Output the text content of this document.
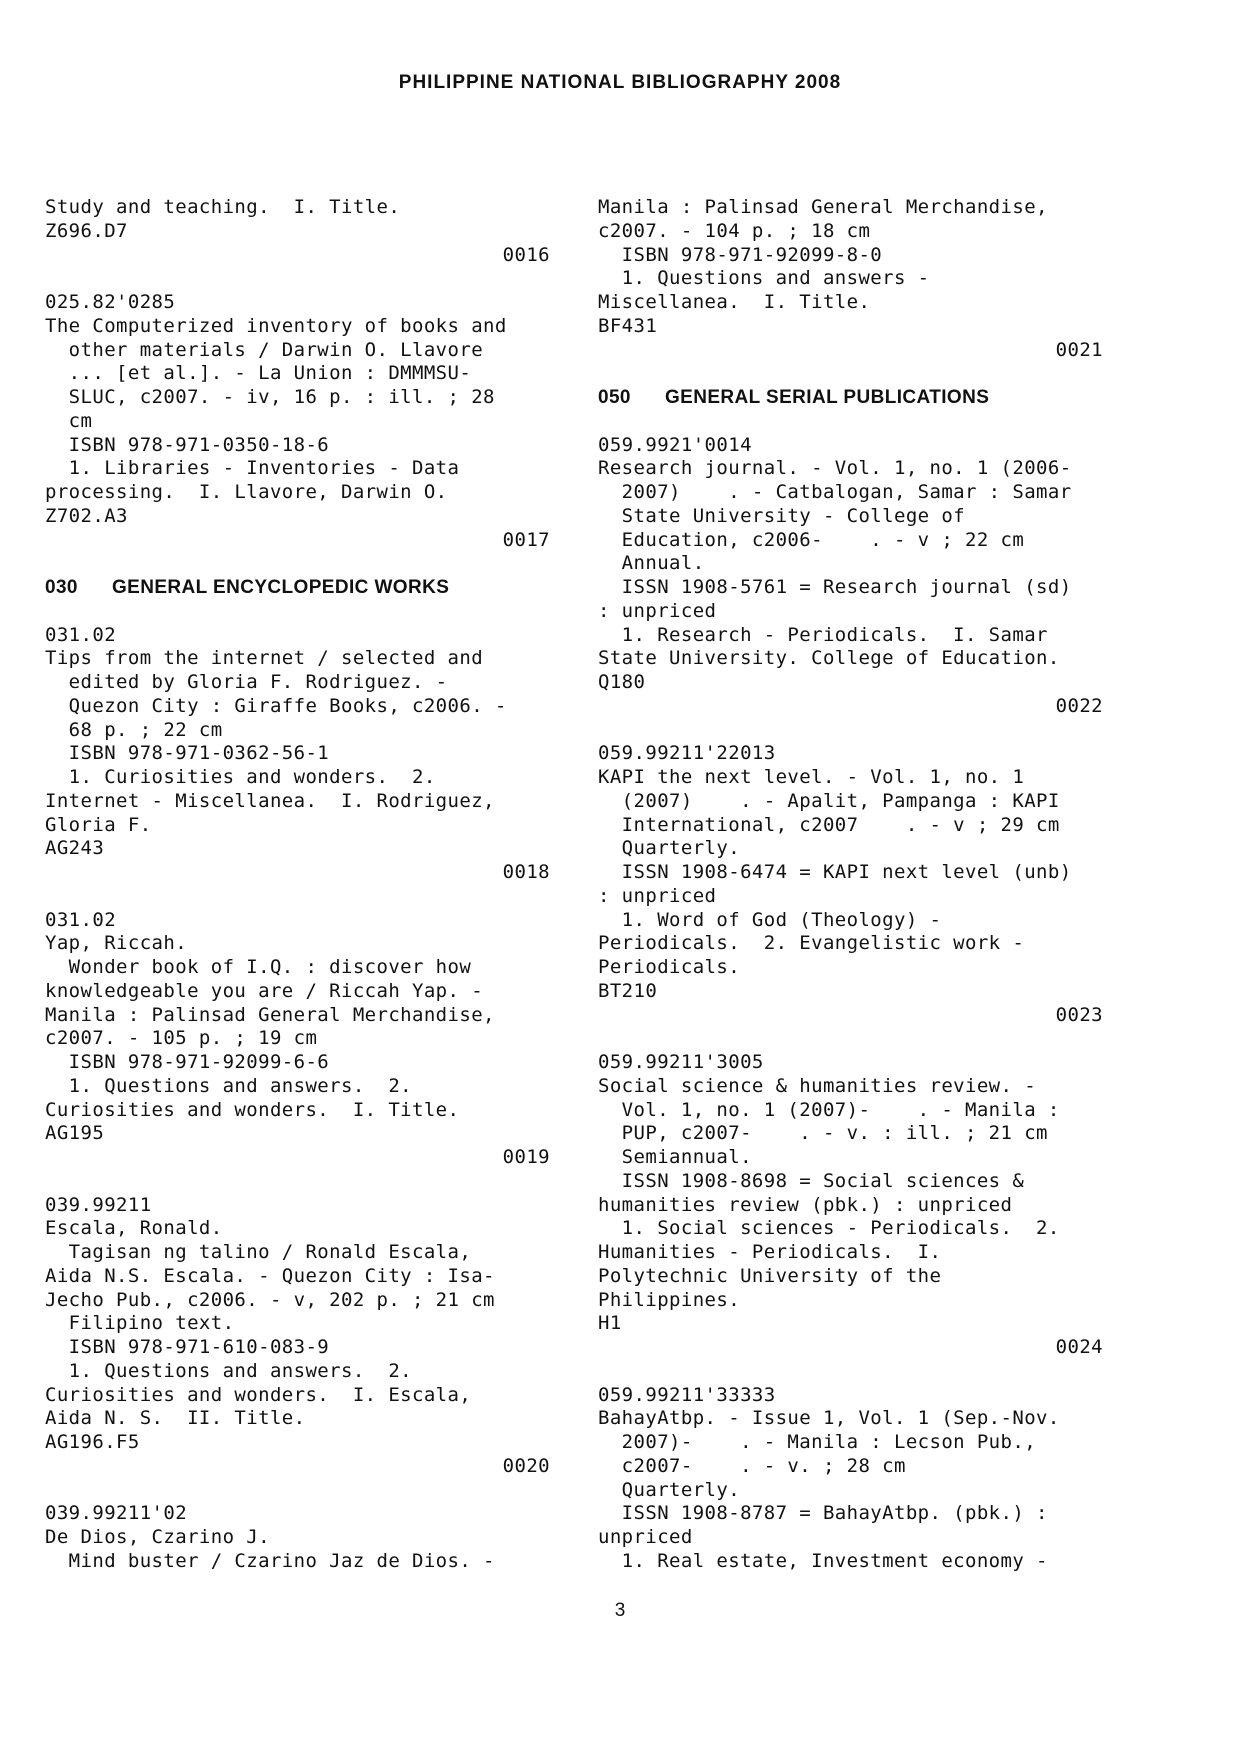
PHILIPPINE NATIONAL BIBLIOGRAPHY 2008
Study and teaching.  I. Title.
Z696.D7
0016
025.82'0285
The Computerized inventory of books and
other materials / Darwin O. Llavore
... [et al.]. - La Union : DMMMSU-
SLUC, c2007. - iv, 16 p. : ill. ; 28
cm
ISBN 978-971-0350-18-6
1. Libraries - Inventories - Data
processing.  I. Llavore, Darwin O.
Z702.A3
0017
030      GENERAL ENCYCLOPEDIC WORKS
031.02
Tips from the internet / selected and
edited by Gloria F. Rodriguez. -
Quezon City : Giraffe Books, c2006. -
68 p. ; 22 cm
ISBN 978-971-0362-56-1
1. Curiosities and wonders.  2.
Internet - Miscellanea.  I. Rodriguez,
Gloria F.
AG243
0018
031.02
Yap, Riccah.
Wonder book of I.Q. : discover how
knowledgeable you are / Riccah Yap. -
Manila : Palinsad General Merchandise,
c2007. - 105 p. ; 19 cm
ISBN 978-971-92099-6-6
1. Questions and answers.  2.
Curiosities and wonders.  I. Title.
AG195
0019
039.99211
Escala, Ronald.
Tagisan ng talino / Ronald Escala,
Aida N.S. Escala. - Quezon City : Isa-
Jecho Pub., c2006. - v, 202 p. ; 21 cm
Filipino text.
ISBN 978-971-610-083-9
1. Questions and answers.  2.
Curiosities and wonders.  I. Escala,
Aida N. S.  II. Title.
AG196.F5
0020
039.99211'02
De Dios, Czarino J.
Mind buster / Czarino Jaz de Dios. -
Manila : Palinsad General Merchandise,
c2007. - 104 p. ; 18 cm
ISBN 978-971-92099-8-0
1. Questions and answers -
Miscellanea.  I. Title.
BF431
0021
050      GENERAL SERIAL PUBLICATIONS
059.9921'0014
Research journal. - Vol. 1, no. 1 (2006-
2007)    . - Catbalogan, Samar : Samar
State University - College of
Education, c2006-    . - v ; 22 cm
Annual.
ISSN 1908-5761 = Research journal (sd)
: unpriced
1. Research - Periodicals.  I. Samar
State University. College of Education.
Q180
0022
059.99211'22013
KAPI the next level. - Vol. 1, no. 1
(2007)    . - Apalit, Pampanga : KAPI
International, c2007    . - v ; 29 cm
Quarterly.
ISSN 1908-6474 = KAPI next level (unb)
: unpriced
1. Word of God (Theology) -
Periodicals.  2. Evangelistic work -
Periodicals.
BT210
0023
059.99211'3005
Social science & humanities review. -
Vol. 1, no. 1 (2007)-    . - Manila :
PUP, c2007-    . - v. : ill. ; 21 cm
Semiannual.
ISSN 1908-8698 = Social sciences &
humanities review (pbk.) : unpriced
1. Social sciences - Periodicals.  2.
Humanities - Periodicals.  I.
Polytechnic University of the
Philippines.
H1
0024
059.99211'33333
BahayAtbp. - Issue 1, Vol. 1 (Sep.-Nov.
2007)-    . - Manila : Lecson Pub.,
c2007-    . - v. ; 28 cm
Quarterly.
ISSN 1908-8787 = BahayAtbp. (pbk.) :
unpriced
1. Real estate, Investment economy -
3
